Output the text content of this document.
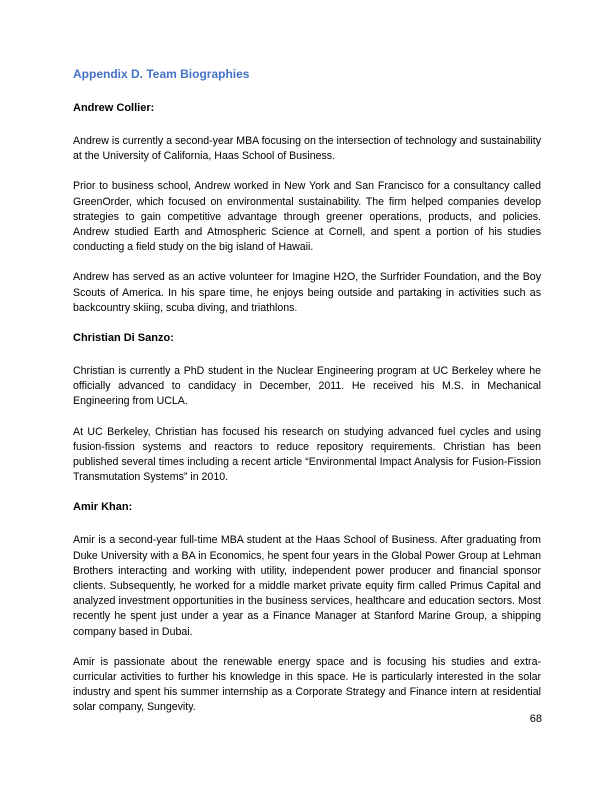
Appendix D. Team Biographies
Andrew Collier:

Andrew is currently a second-year MBA focusing on the intersection of technology and sustainability at the University of California, Haas School of Business.

Prior to business school, Andrew worked in New York and San Francisco for a consultancy called GreenOrder, which focused on environmental sustainability. The firm helped companies develop strategies to gain competitive advantage through greener operations, products, and policies. Andrew studied Earth and Atmospheric Science at Cornell, and spent a portion of his studies conducting a field study on the big island of Hawaii.

Andrew has served as an active volunteer for Imagine H2O, the Surfrider Foundation, and the Boy Scouts of America. In his spare time, he enjoys being outside and partaking in activities such as backcountry skiing, scuba diving, and triathlons.

Christian Di Sanzo:

Christian is currently a PhD student in the Nuclear Engineering program at UC Berkeley where he officially advanced to candidacy in December, 2011. He received his M.S. in Mechanical Engineering from UCLA.

At UC Berkeley, Christian has focused his research on studying advanced fuel cycles and using fusion-fission systems and reactors to reduce repository requirements. Christian has been published several times including a recent article “Environmental Impact Analysis for Fusion-Fission Transmutation Systems” in 2010.

Amir Khan:

Amir is a second-year full-time MBA student at the Haas School of Business. After graduating from Duke University with a BA in Economics, he spent four years in the Global Power Group at Lehman Brothers interacting and working with utility, independent power producer and financial sponsor clients. Subsequently, he worked for a middle market private equity firm called Primus Capital and analyzed investment opportunities in the business services, healthcare and education sectors. Most recently he spent just under a year as a Finance Manager at Stanford Marine Group, a shipping company based in Dubai.

Amir is passionate about the renewable energy space and is focusing his studies and extra-curricular activities to further his knowledge in this space. He is particularly interested in the solar industry and spent his summer internship as a Corporate Strategy and Finance intern at residential solar company, Sungevity.

68
